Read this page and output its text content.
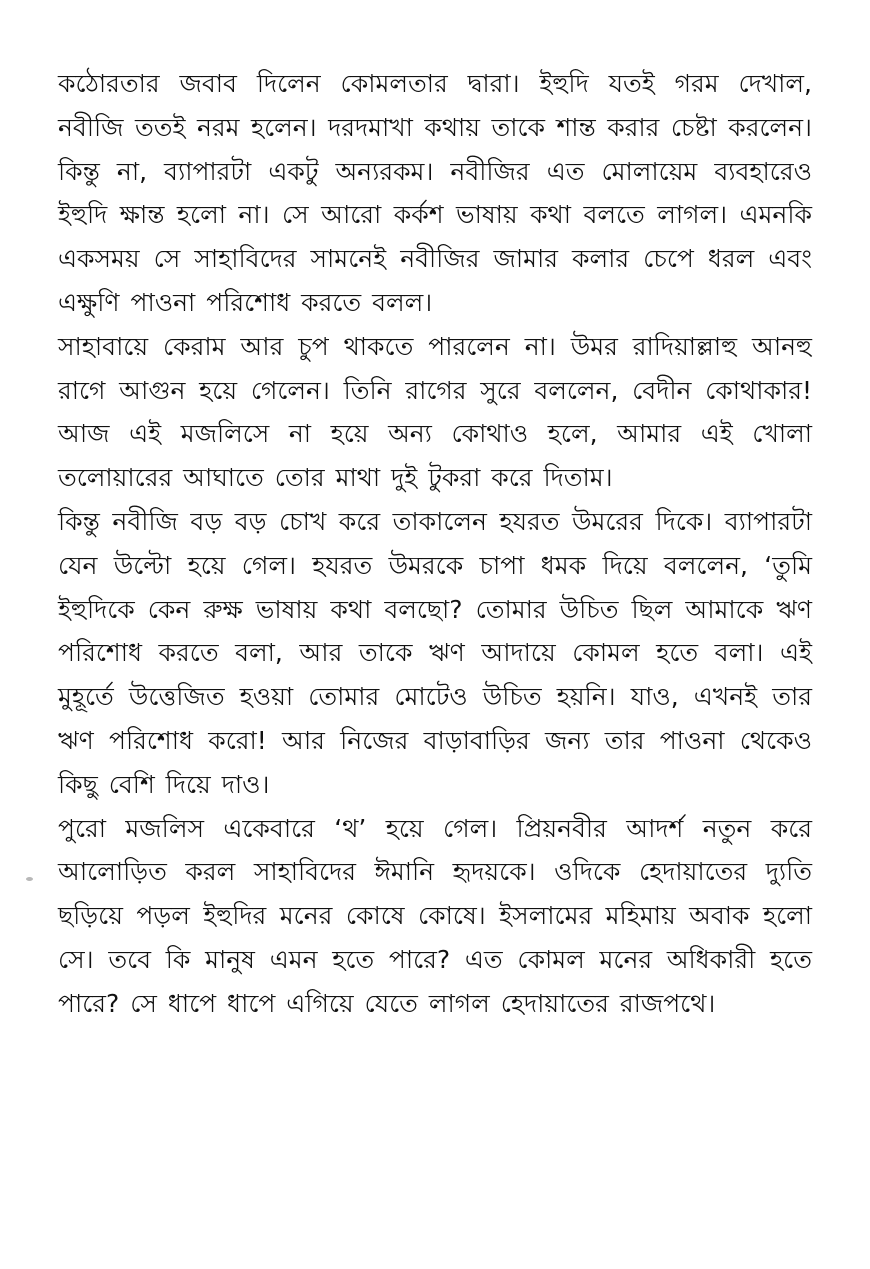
কঠোরতার জবাব দিলেন কোমলতার দ্বারা। ইহুদি যতই গরম দেখাল, নবীজি ততই নরম হলেন। দরদমাখা কথায় তাকে শান্ত করার চেষ্টা করলেন। কিন্তু না, ব্যাপারটা একটু অন্যরকম। নবীজির এত মোলায়েম ব্যবহারেও ইহুদি ক্ষান্ত হলো না। সে আরো কর্কশ ভাষায় কথা বলতে লাগল। এমনকি একসময় সে সাহাবিদের সামনেই নবীজির জামার কলার চেপে ধরল এবং এক্ষুণি পাওনা পরিশোধ করতে বলল।

সাহাবায়ে কেরাম আর চুপ থাকতে পারলেন না। উমর রাদিয়াল্লাহু আনহু রাগে আগুন হয়ে গেলেন। তিনি রাগের সুরে বললেন, বেদীন কোথাকার! আজ এই মজলিসে না হয়ে অন্য কোথাও হলে, আমার এই খোলা তলোয়ারের আঘাতে তোর মাথা দুই টুকরা করে দিতাম।

কিন্তু নবীজি বড় বড় চোখ করে তাকালেন হযরত উমরের দিকে। ব্যাপারটা যেন উল্টো হয়ে গেল। হযরত উমরকে চাপা ধমক দিয়ে বললেন, ‘তুমি ইহুদিকে কেন রুক্ষ ভাষায় কথা বলছো? তোমার উচিত ছিল আমাকে ঋণ পরিশোধ করতে বলা, আর তাকে ঋণ আদায়ে কোমল হতে বলা। এই মুহূর্তে উত্তেজিত হওয়া তোমার মোটেও উচিত হয়নি। যাও, এখনই তার ঋণ পরিশোধ করো! আর নিজের বাড়াবাড়ির জন্য তার পাওনা থেকেও কিছু বেশি দিয়ে দাও।

পুরো মজলিস একেবারে ‘থ’ হয়ে গেল। প্রিয়নবীর আদর্শ নতুন করে আলোড়িত করল সাহাবিদের ঈমানি হৃদয়কে। ওদিকে হেদায়াতের দ্যুতি ছড়িয়ে পড়ল ইহুদির মনের কোষে কোষে। ইসলামের মহিমায় অবাক হলো সে। তবে কি মানুষ এমন হতে পারে? এত কোমল মনের অধিকারী হতে পারে? সে ধাপে ধাপে এগিয়ে যেতে লাগল হেদায়াতের রাজপথে।
